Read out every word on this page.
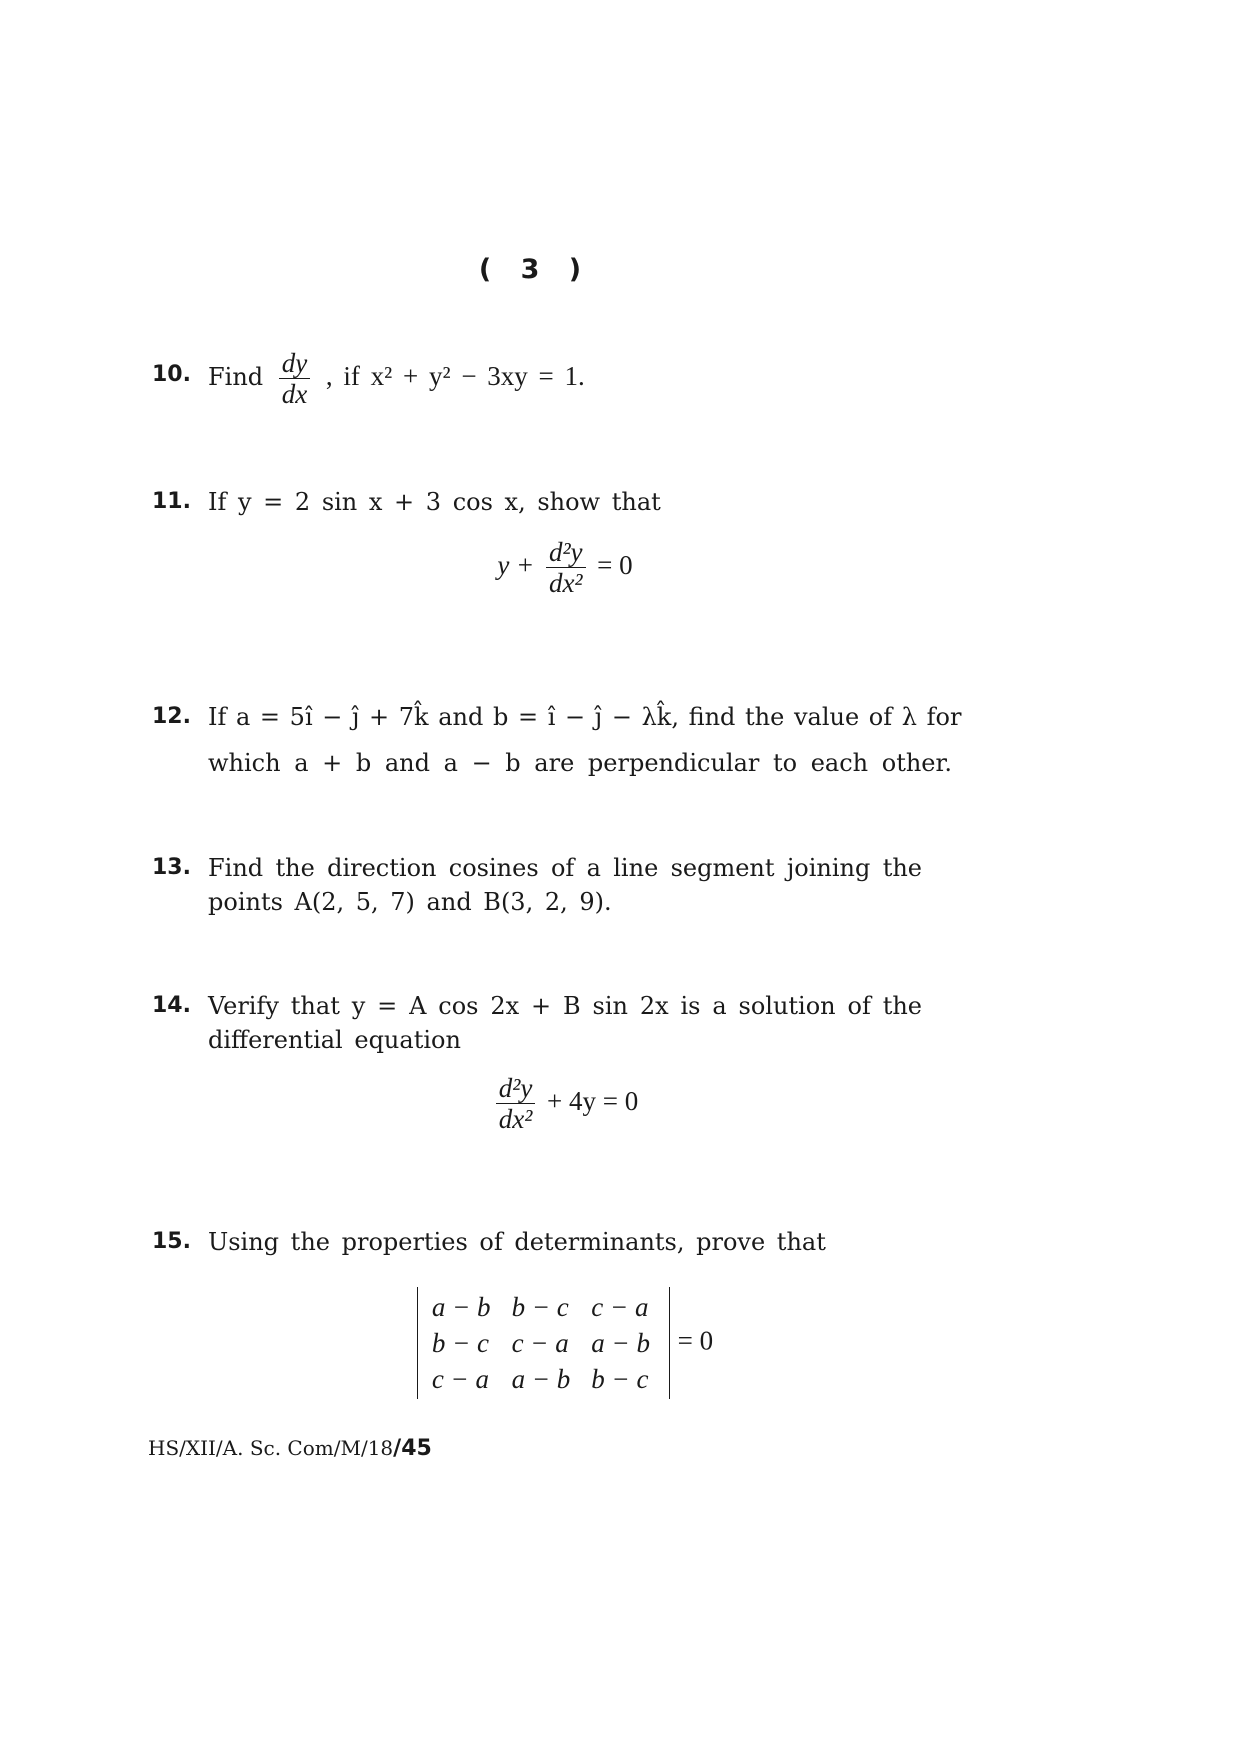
( 3 )
10. Find $\frac{dy}{dx}$ , if x² + y² − 3xy = 1.
11. If y = 2 sin x + 3 cos x, show that
$y + \frac{\text{d²y}}{\text{dx²}} = 0$
12. If a = 5î − ĵ + 7k̂ and b = î − ĵ − λk̂, find the value of λ for
which a + b and a − b are perpendicular to each other.
13. Find the direction cosines of a line segment joining the points A(2, 5, 7) and B(3, 2, 9).
14. Verify that y = A cos 2x + B sin 2x is a solution of the differential equation
$\frac{\text{d²y}}{\text{dx²}} + 4y = 0$
15. Using the properties of determinants, prove that
a − b	b − c	c − a
b − c	c − a	a − b
c − a	a − b	b − c
= 0
HS/XII/A. Sc. Com/M/18/45
